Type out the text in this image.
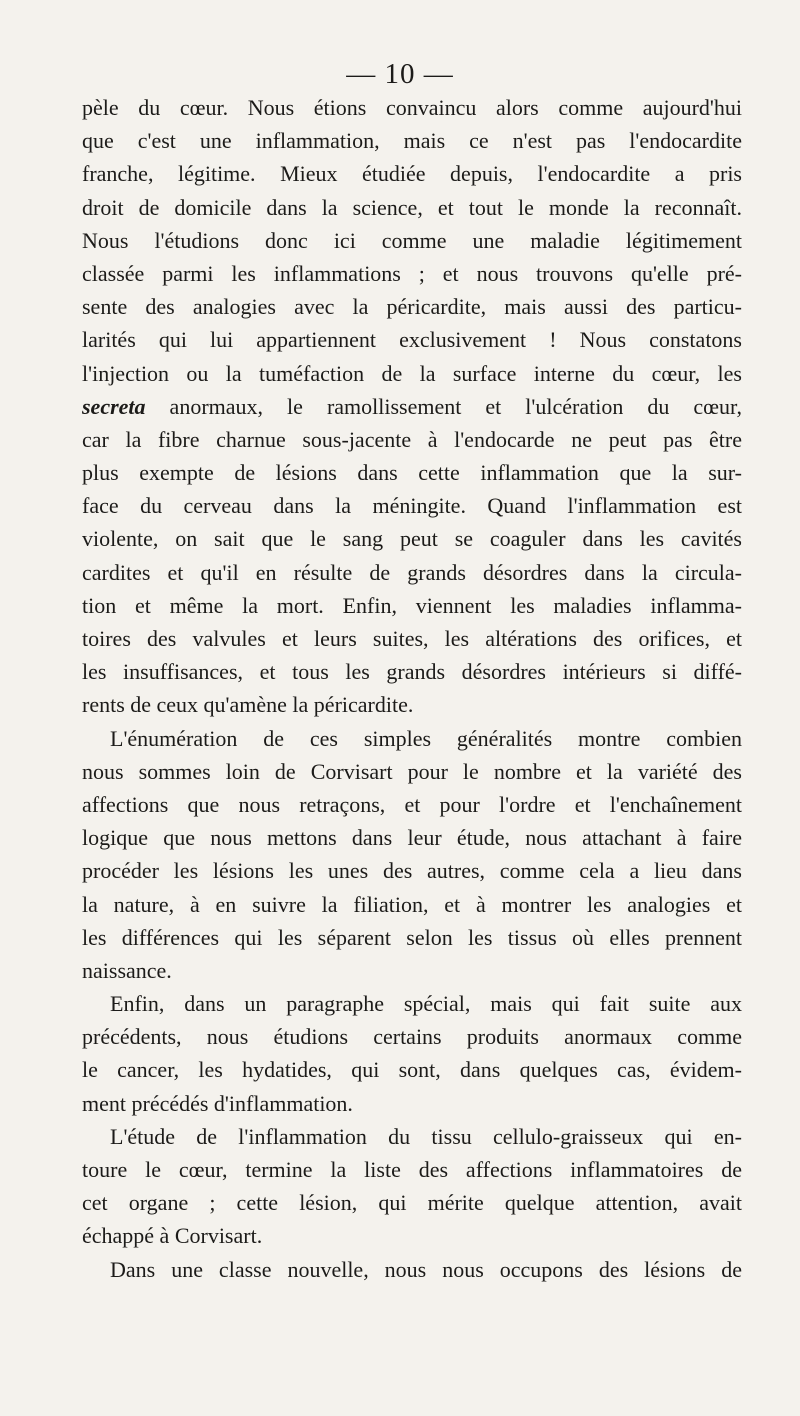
— 10 —
pèle du cœur. Nous étions convaincu alors comme aujourd'hui
que c'est une inflammation, mais ce n'est pas l'endocardite
franche, légitime. Mieux étudiée depuis, l'endocardite a pris
droit de domicile dans la science, et tout le monde la reconnaît.
Nous l'étudions donc ici comme une maladie légitimement
classée parmi les inflammations ; et nous trouvons qu'elle pré-
sente des analogies avec la péricardite, mais aussi des particu-
larités qui lui appartiennent exclusivement ! Nous constatons
l'injection ou la tuméfaction de la surface interne du cœur, les
secreta anormaux, le ramollissement et l'ulcération du cœur,
car la fibre charnue sous-jacente à l'endocarde ne peut pas être
plus exempte de lésions dans cette inflammation que la sur-
face du cerveau dans la méningite. Quand l'inflammation est
violente, on sait que le sang peut se coaguler dans les cavités
cardites et qu'il en résulte de grands désordres dans la circula-
tion et même la mort. Enfin, viennent les maladies inflamma-
toires des valvules et leurs suites, les altérations des orifices, et
les insuffisances, et tous les grands désordres intérieurs si diffé-
rents de ceux qu'amène la péricardite.
L'énumération de ces simples généralités montre combien
nous sommes loin de Corvisart pour le nombre et la variété des
affections que nous retraçons, et pour l'ordre et l'enchaînement
logique que nous mettons dans leur étude, nous attachant à faire
procéder les lésions les unes des autres, comme cela a lieu dans
la nature, à en suivre la filiation, et à montrer les analogies et
les différences qui les séparent selon les tissus où elles prennent
naissance.
Enfin, dans un paragraphe spécial, mais qui fait suite aux
précédents, nous étudions certains produits anormaux comme
le cancer, les hydatides, qui sont, dans quelques cas, évidem-
ment précédés d'inflammation.
L'étude de l'inflammation du tissu cellulo-graisseux qui en-
toure le cœur, termine la liste des affections inflammatoires de
cet organe ; cette lésion, qui mérite quelque attention, avait
échappé à Corvisart.
Dans une classe nouvelle, nous nous occupons des lésions de
